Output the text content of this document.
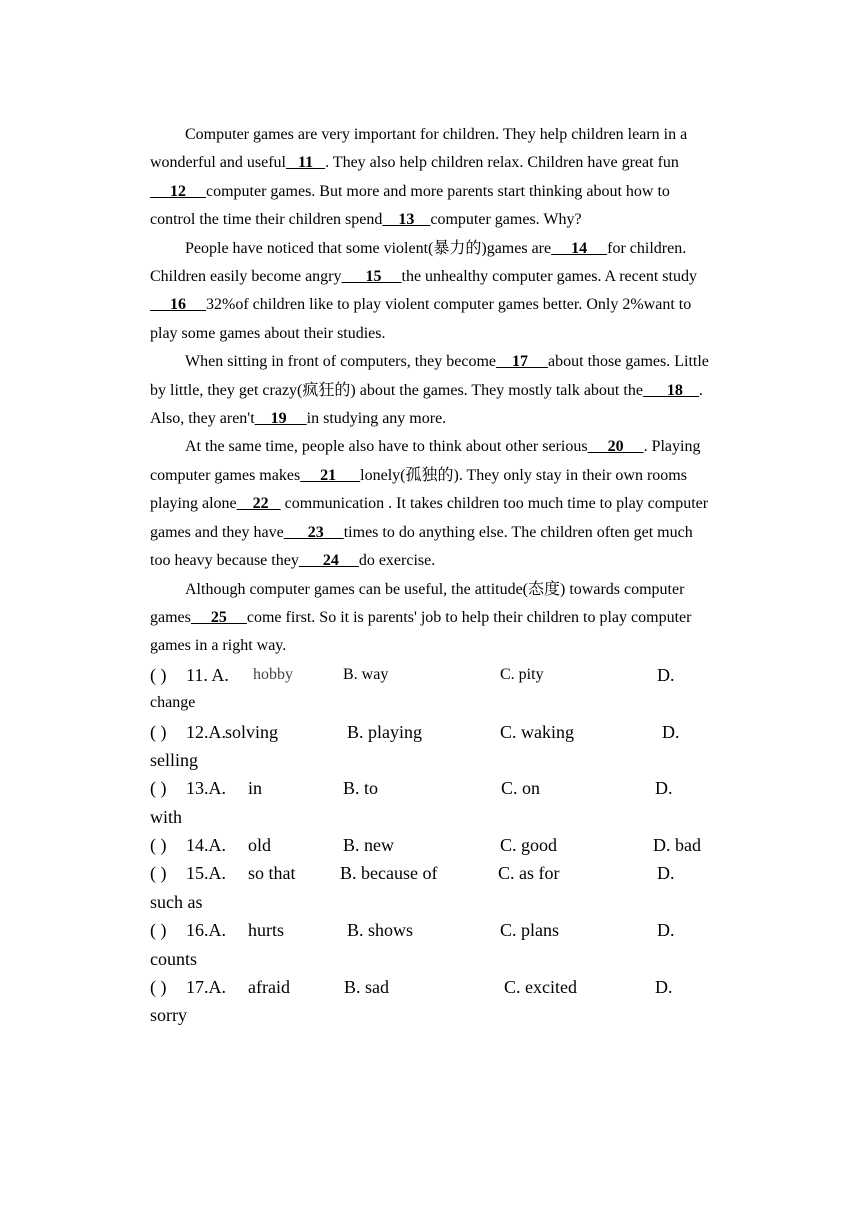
Computer games are very important for children. They help children learn in a wonderful and useful   11   . They also help children relax. Children have great fun     12     computer games. But more and more parents start thinking about how to control the time their children spend    13    computer games. Why?

People have noticed that some violent(暴力的)games are     14     for children. Children easily become angry      15     the unhealthy computer games. A recent study     16     32%of children like to play violent computer games better. Only 2%want to play some games about their studies.

When sitting in front of computers, they become    17     about those games. Little by little, they get crazy(疯狂的) about the games. They mostly talk about the      18    . Also, they aren't    19     in studying any more.

At the same time, people also have to think about other serious     20     . Playing computer games makes     21      lonely(孤独的). They only stay in their own rooms playing alone    22    communication . It takes children too much time to play computer games and they have      23     times to do anything else. The children often get much too heavy because they      24     do exercise.

Although computer games can be useful, the attitude(态度) towards computer games     25     come first. So it is parents' job to help their children to play computer games in a right way.

( ) 11. A. hobby	B. way	C. pity	D.
change
( ) 12.A. solving	B. playing	C. waking	D.
selling
( ) 13.A. in	B. to	C. on	D.
with
( ) 14.A. old	B. new	C. good	D. bad
( ) 15.A. so that B. because of	C. as for	D.
such as
( ) 16.A. hurts	B. shows	C. plans	D.
counts
( ) 17.A. afraid	B. sad	C. excited	D.
sorry
